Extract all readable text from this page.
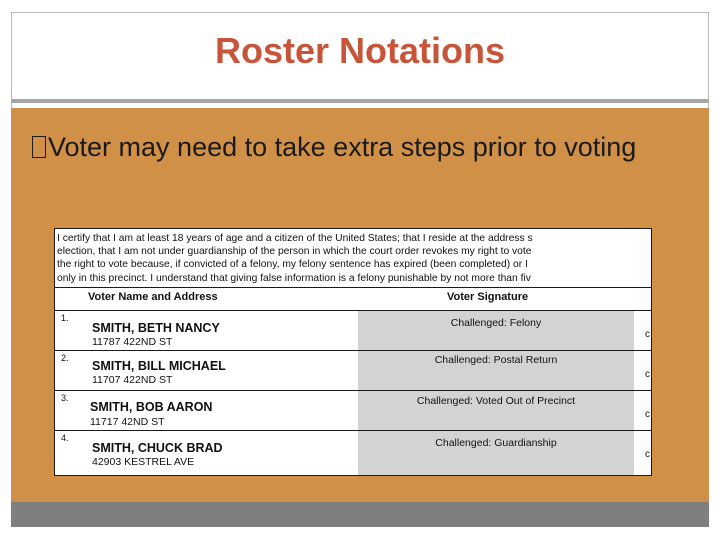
Roster Notations
Voter may need to take extra steps prior to voting
I certify that I am at least 18 years of age and a citizen of the United States; that I reside at the address s
election, that I am not under guardianship of the person in which the court order revokes my right to vote
the right to vote because, if convicted of a felony, my felony sentence has expired (been completed) or I
only in this precinct. I understand that giving false information is a felony punishable by not more than fiv
Voter Name and Address	Voter Signature
1.
SMITH, BETH NANCY
11787 422ND ST
Challenged: Felony
c
2.
SMITH, BILL MICHAEL
11707 422ND ST
Challenged: Postal Return
c
3.
SMITH, BOB AARON
11717 42ND ST
Challenged: Voted Out of Precinct
c
4.
SMITH, CHUCK BRAD
42903 KESTREL AVE
Challenged: Guardianship
c
